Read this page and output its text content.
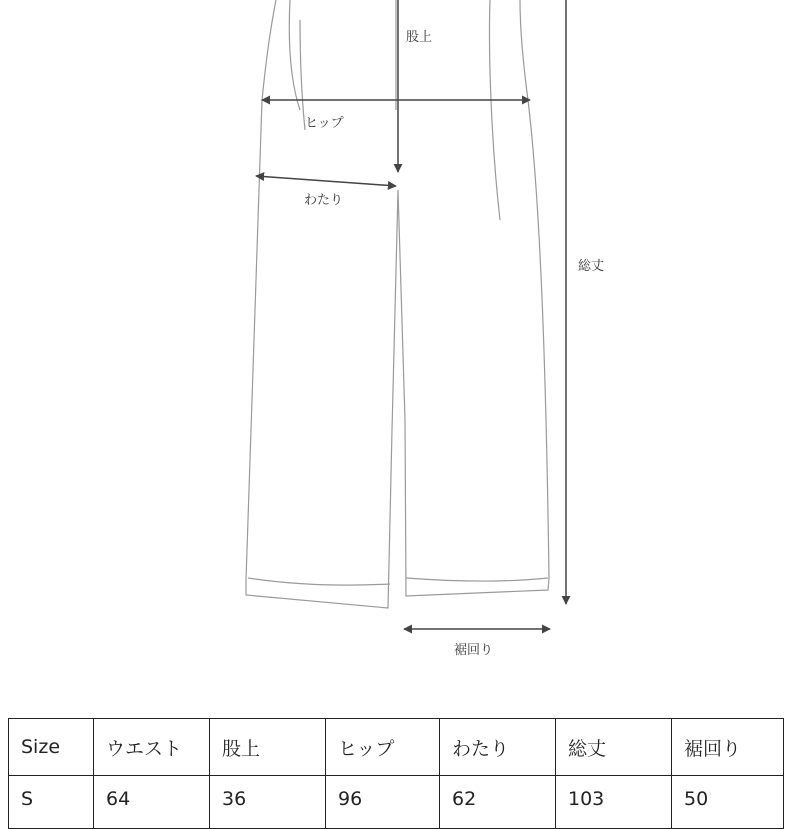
股上
ヒップ
わたり
総丈
裾回り
Size	ウエスト	股上	ヒップ	わたり	総丈	裾回り
S	64	36	96	62	103	50
